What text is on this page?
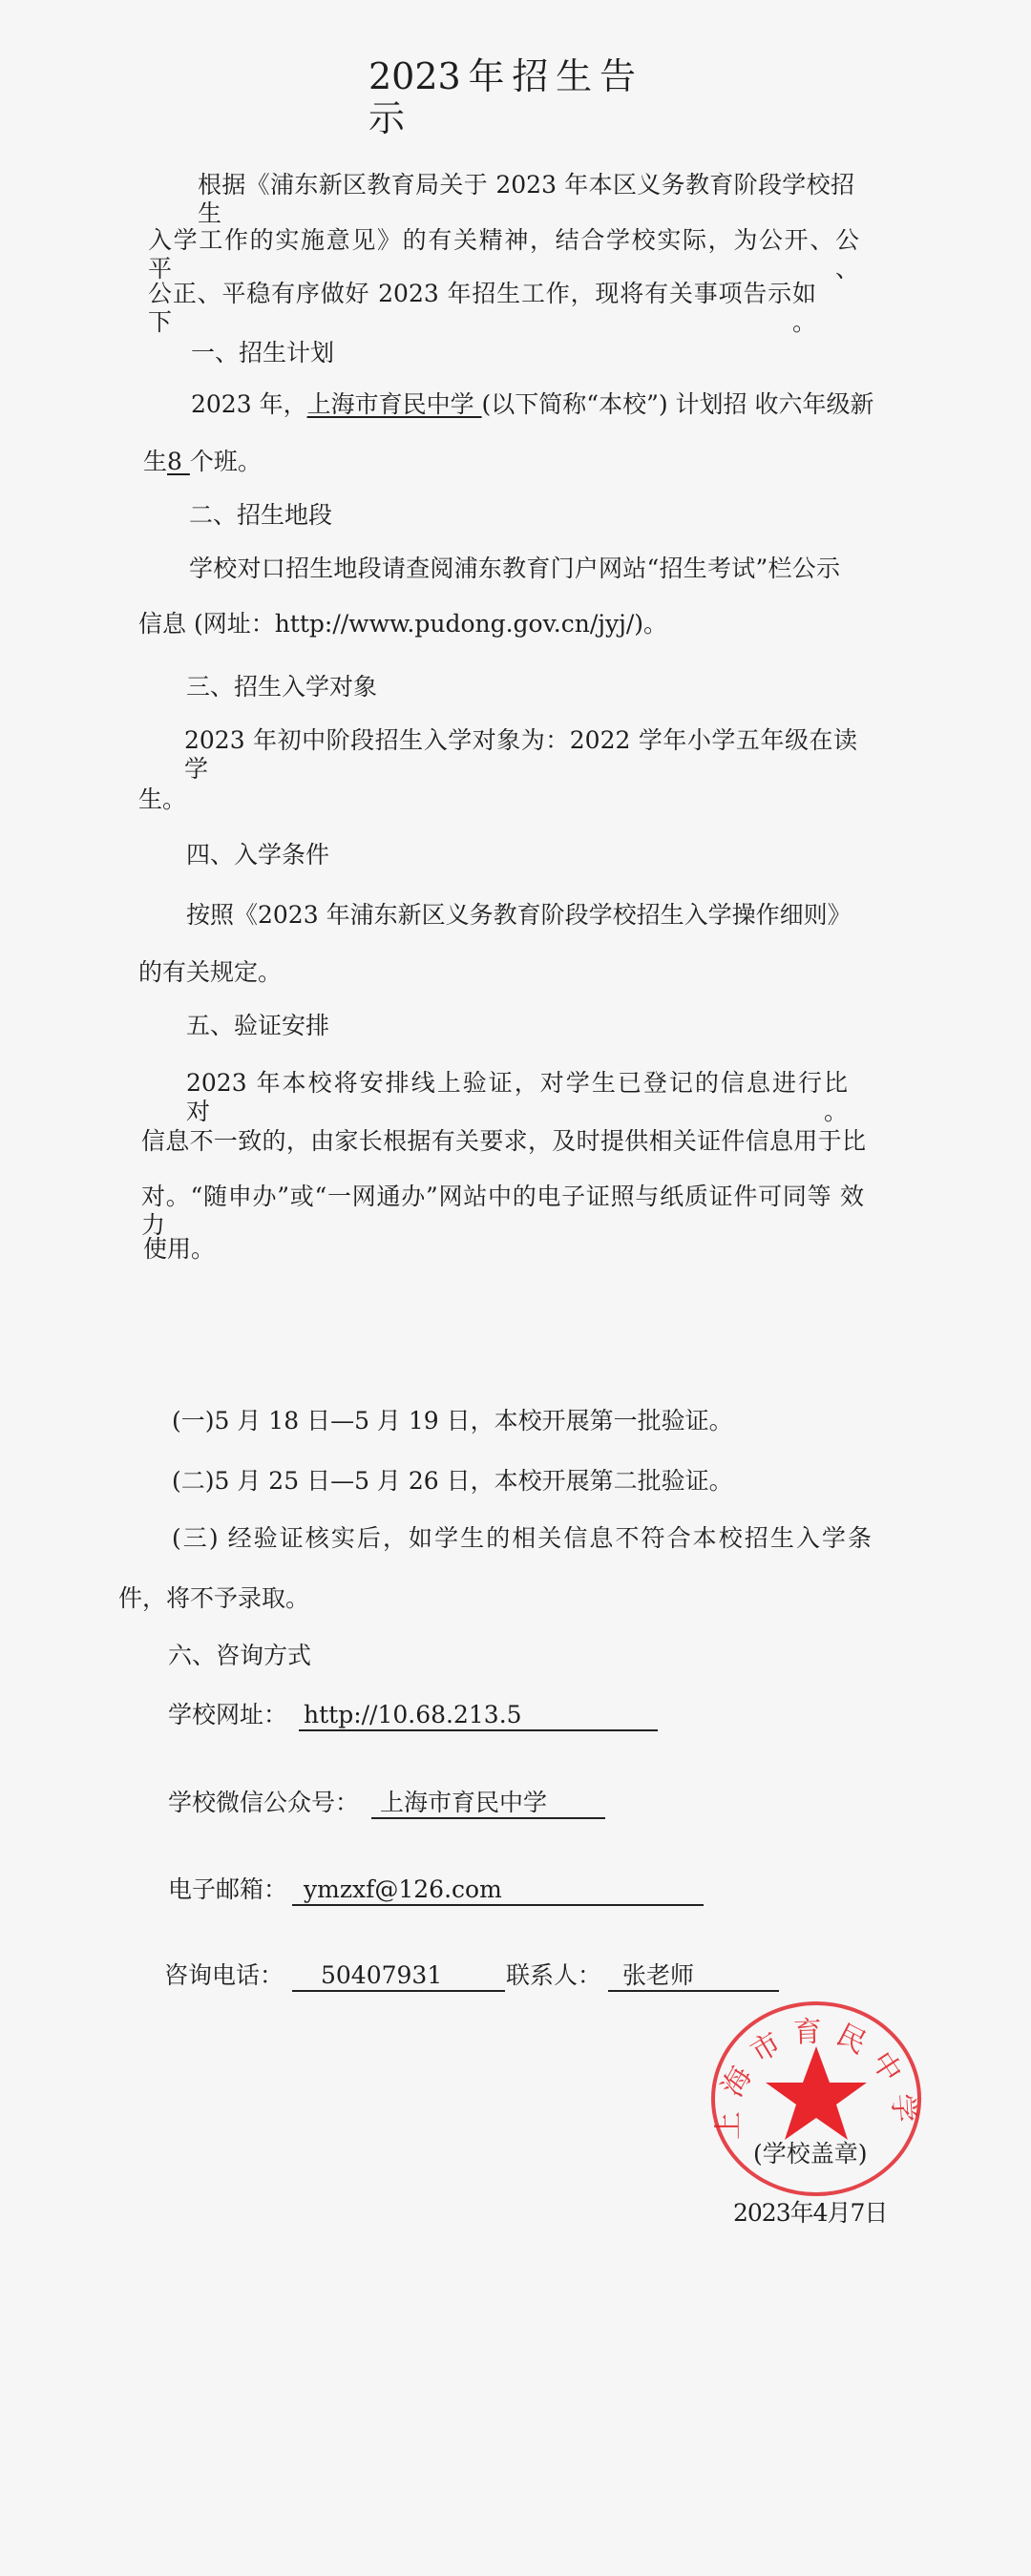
2023年招生告示
根据《浦东新区教育局关于 2023 年本区义务教育阶段学校招生
入学工作的实施意见》的有关精神，结合学校实际，为公开、公平、
公正、平稳有序做好 2023 年招生工作，现将有关事项告示如下。
一、招生计划
2023 年，上海市育民中学 (以下简称“本校”) 计划招 收六年级新
生8 个班。
二、招生地段
学校对口招生地段请查阅浦东教育门户网站“招生考试”栏公示
信息 (网址：http://www.pudong.gov.cn/jyj/)。
三、招生入学对象
2023 年初中阶段招生入学对象为：2022 学年小学五年级在读学
生。
四、入学条件
按照《2023 年浦东新区义务教育阶段学校招生入学操作细则》
的有关规定。
五、验证安排
2023 年本校将安排线上验证，对学生已登记的信息进行比对。
信息不一致的，由家长根据有关要求，及时提供相关证件信息用于比
对。“随申办”或“一网通办”网站中的电子证照与纸质证件可同等 效力
使用。
(一)5 月 18 日—5 月 19 日，本校开展第一批验证。
(二)5 月 25 日—5 月 26 日，本校开展第二批验证。
(三) 经验证核实后，如学生的相关信息不符合本校招生入学条
件，将不予录取。
六、咨询方式
学校网址： http://10.68.213.5
学校微信公众号： 上海市育民中学
电子邮箱： ymzxf@126.com
咨询电话： 50407931	联系人： 张老师
上海市育民中学
(学校盖章)
2023年4月7日
